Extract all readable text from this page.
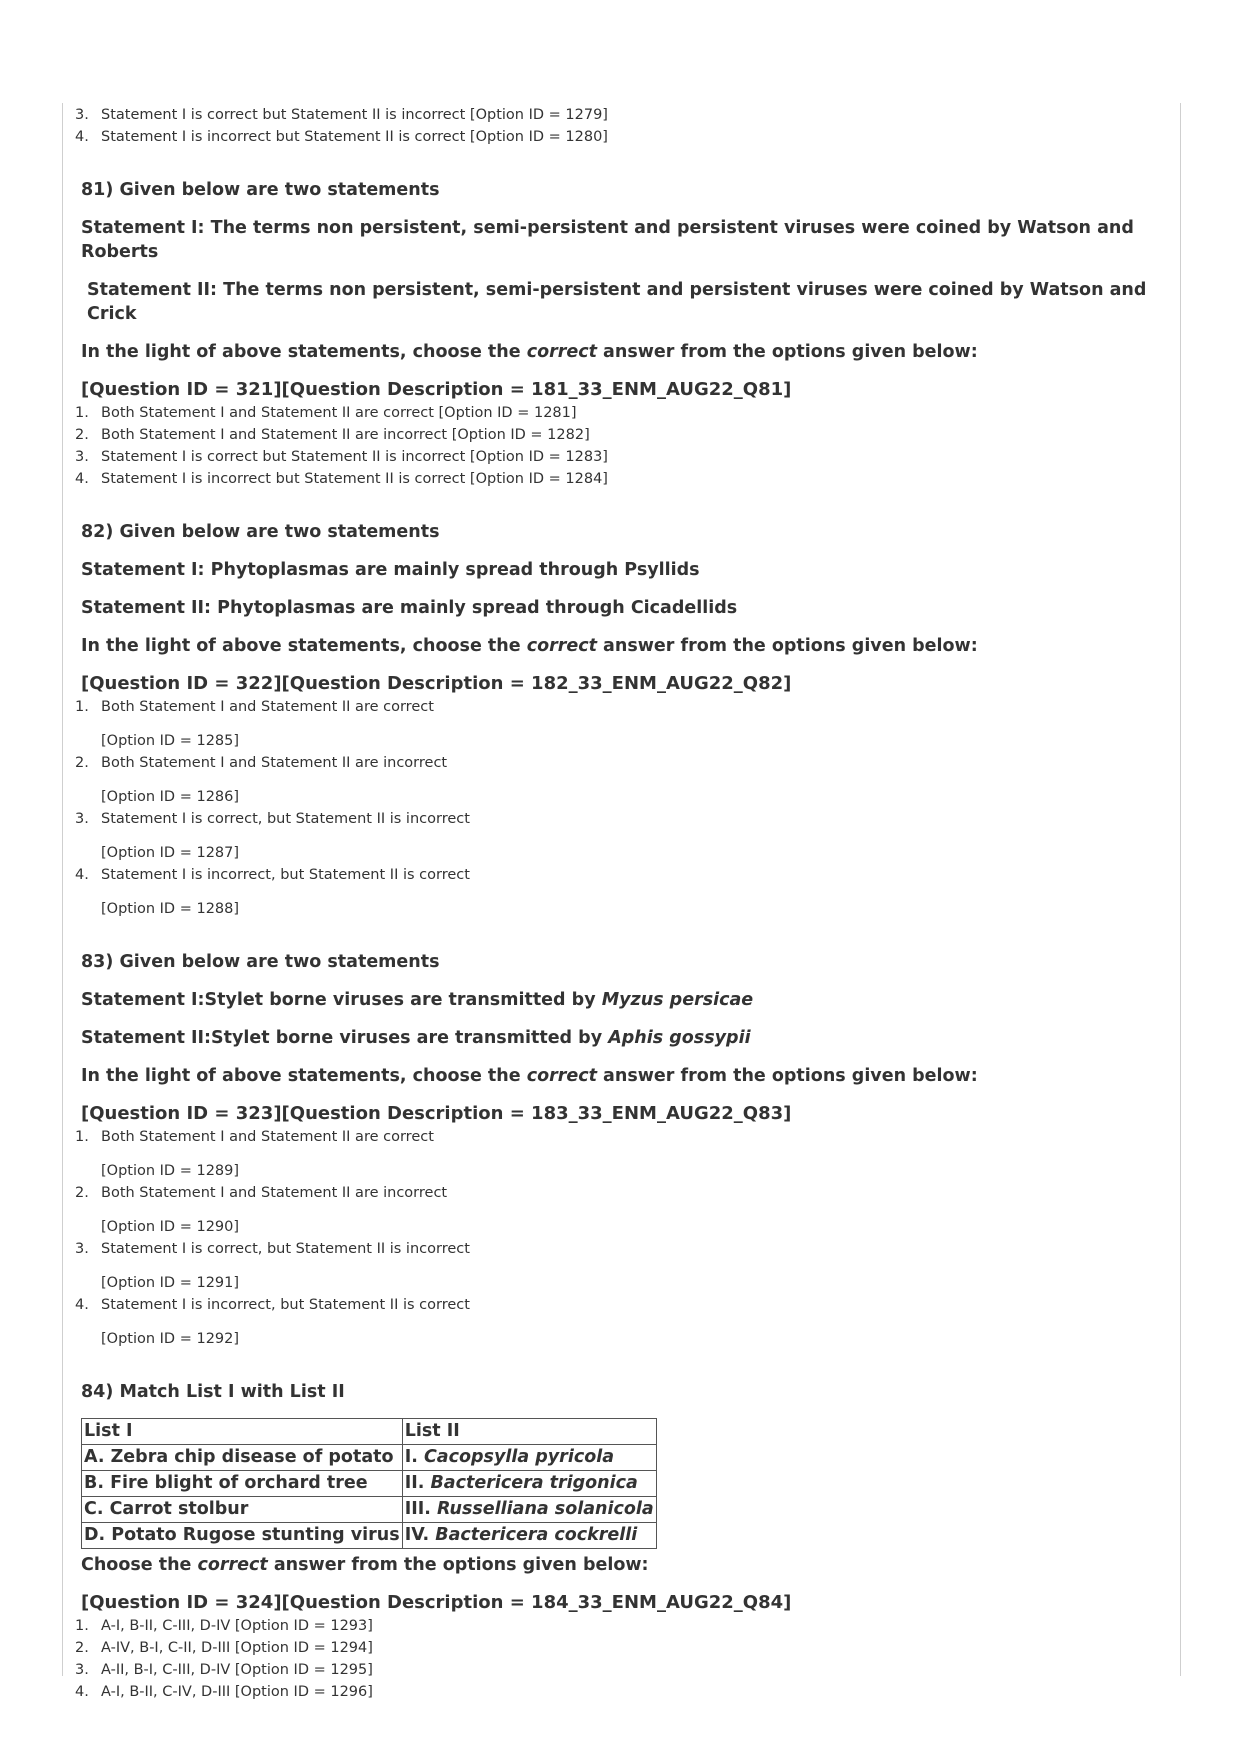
3. Statement I is correct but Statement II is incorrect [Option ID = 1279]
4. Statement I is incorrect but Statement II is correct [Option ID = 1280]
81) Given below are two statements
Statement I: The terms non persistent, semi-persistent and persistent viruses were coined by Watson and Roberts
Statement II: The terms non persistent, semi-persistent and persistent viruses were coined by Watson and Crick
In the light of above statements, choose the correct answer from the options given below:
[Question ID = 321][Question Description = 181_33_ENM_AUG22_Q81]
1. Both Statement I and Statement II are correct [Option ID = 1281]
2. Both Statement I and Statement II are incorrect [Option ID = 1282]
3. Statement I is correct but Statement II is incorrect [Option ID = 1283]
4. Statement I is incorrect but Statement II is correct [Option ID = 1284]
82) Given below are two statements
Statement I: Phytoplasmas are mainly spread through Psyllids
Statement II: Phytoplasmas are mainly spread through Cicadellids
In the light of above statements, choose the correct answer from the options given below:
[Question ID = 322][Question Description = 182_33_ENM_AUG22_Q82]
1. Both Statement I and Statement II are correct
[Option ID = 1285]
2. Both Statement I and Statement II are incorrect
[Option ID = 1286]
3. Statement I is correct, but Statement II is incorrect
[Option ID = 1287]
4. Statement I is incorrect, but Statement II is correct
[Option ID = 1288]
83) Given below are two statements
Statement I:Stylet borne viruses are transmitted by Myzus persicae
Statement II:Stylet borne viruses are transmitted by Aphis gossypii
In the light of above statements, choose the correct answer from the options given below:
[Question ID = 323][Question Description = 183_33_ENM_AUG22_Q83]
1. Both Statement I and Statement II are correct
[Option ID = 1289]
2. Both Statement I and Statement II are incorrect
[Option ID = 1290]
3. Statement I is correct, but Statement II is incorrect
[Option ID = 1291]
4. Statement I is incorrect, but Statement II is correct
[Option ID = 1292]
84) Match List I with List II
List I	List II
A. Zebra chip disease of potato	I. Cacopsylla pyricola
B. Fire blight of orchard tree	II. Bactericera trigonica
C. Carrot stolbur	III. Russelliana solanicola
D. Potato Rugose stunting virus	IV. Bactericera cockrelli
Choose the correct answer from the options given below:
[Question ID = 324][Question Description = 184_33_ENM_AUG22_Q84]
1. A-I, B-II, C-III, D-IV [Option ID = 1293]
2. A-IV, B-I, C-II, D-III [Option ID = 1294]
3. A-II, B-I, C-III, D-IV [Option ID = 1295]
4. A-I, B-II, C-IV, D-III [Option ID = 1296]
